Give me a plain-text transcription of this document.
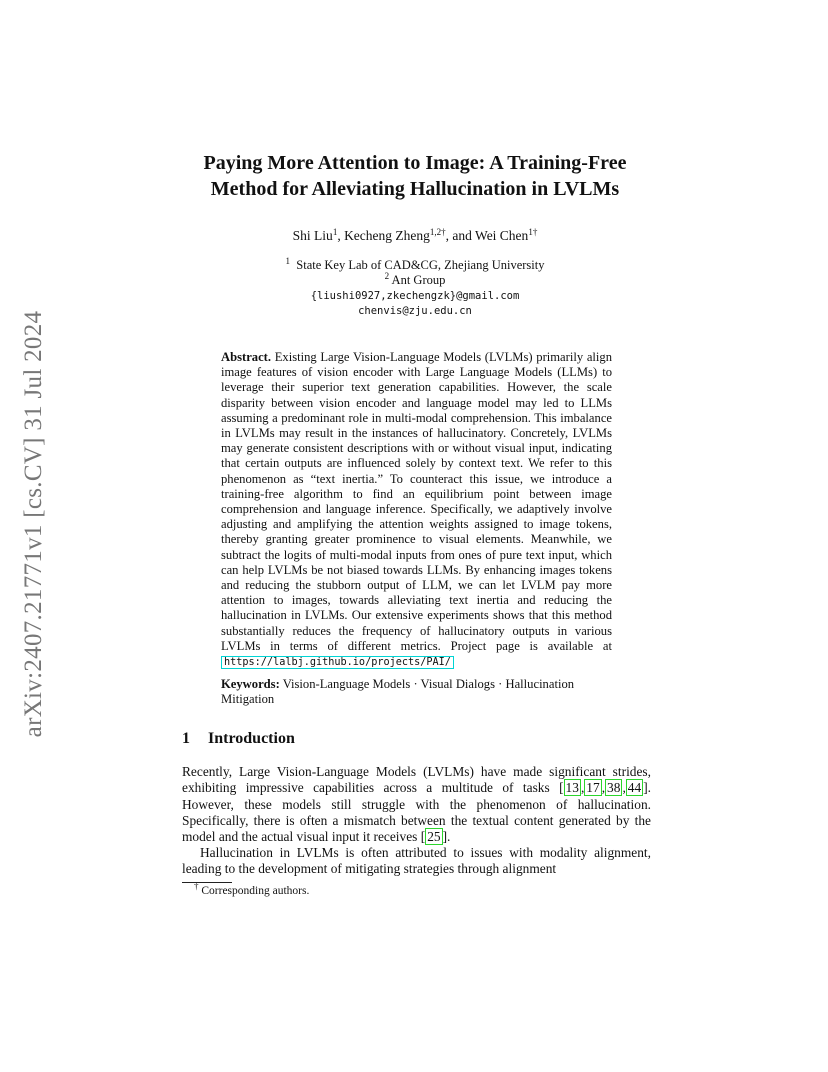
arXiv:2407.21771v1 [cs.CV] 31 Jul 2024
Paying More Attention to Image: A Training-Free
Method for Alleviating Hallucination in LVLMs
Shi Liu$^1$, Kecheng Zheng$^{1,2\dagger}$, and Wei Chen$^{1\dagger}$
$^1$ State Key Lab of CAD&CG, Zhejiang University
$^2$ Ant Group
{liushi0927,zkechengzk}@gmail.com
chenvis@zju.edu.cn
Abstract. Existing Large Vision-Language Models (LVLMs) primarily align image features of vision encoder with Large Language Models (LLMs) to leverage their superior text generation capabilities. However, the scale disparity between vision encoder and language model may led to LLMs assuming a predominant role in multi-modal comprehension. This imbalance in LVLMs may result in the instances of hallucinatory. Concretely, LVLMs may generate consistent descriptions with or without visual input, indicating that certain outputs are influenced solely by context text. We refer to this phenomenon as “text inertia.” To counteract this issue, we introduce a training-free algorithm to find an equilibrium point between image comprehension and language inference. Specifically, we adaptively involve adjusting and amplifying the attention weights assigned to image tokens, thereby granting greater prominence to visual elements. Meanwhile, we subtract the logits of multi-modal inputs from ones of pure text input, which can help LVLMs be not biased towards LLMs. By enhancing images tokens and reducing the stubborn output of LLM, we can let LVLM pay more attention to images, towards alleviating text inertia and reducing the hallucination in LVLMs. Our extensive experiments shows that this method substantially reduces the frequency of hallucinatory outputs in various LVLMs in terms of different metrics. Project page is available at https://lalbj.github.io/projects/PAI/
Keywords: Vision-Language Models · Visual Dialogs · Hallucination Mitigation
1 Introduction
Recently, Large Vision-Language Models (LVLMs) have made significant strides, exhibiting impressive capabilities across a multitude of tasks [ 13 , 17 , 38 , 44 ]. However, these models still struggle with the phenomenon of hallucination. Specifically, there is often a mismatch between the textual content generated by the model and the actual visual input it receives [ 25 ].
Hallucination in LVLMs is often attributed to issues with modality alignment, leading to the development of mitigating strategies through alignment
† Corresponding authors.
